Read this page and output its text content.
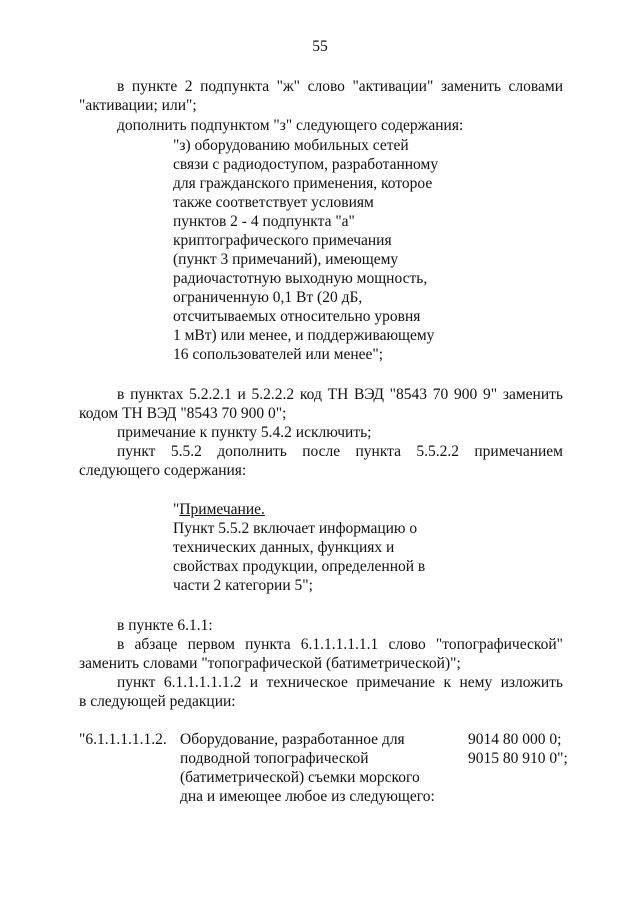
55
в пункте 2 подпункта "ж" слово "активации" заменить словами
"активации; или";
дополнить подпунктом "з" следующего содержания:
"з) оборудованию мобильных сетей
связи с радиодоступом, разработанному
для гражданского применения, которое
также соответствует условиям
пунктов 2 - 4 подпункта "а"
криптографического примечания
(пункт 3 примечаний), имеющему
радиочастотную выходную мощность,
ограниченную 0,1 Вт (20 дБ,
отсчитываемых относительно уровня
1 мВт) или менее, и поддерживающему
16 сопользователей или менее";
в пунктах 5.2.2.1 и 5.2.2.2 код ТН ВЭД "8543 70 900 9" заменить
кодом ТН ВЭД "8543 70 900 0";
примечание к пункту 5.4.2 исключить;
пункт 5.5.2 дополнить после пункта 5.5.2.2 примечанием
следующего содержания:
"Примечание.
Пункт 5.5.2 включает информацию о
технических данных, функциях и
свойствах продукции, определенной в
части 2 категории 5";
в пункте 6.1.1:
в абзаце первом пункта 6.1.1.1.1.1.1 слово "топографической"
заменить словами "топографической (батиметрической)";
пункт 6.1.1.1.1.1.2 и техническое примечание к нему изложить
в следующей редакции:
"6.1.1.1.1.1.2. Оборудование, разработанное для
подводной топографической
(батиметрической) съемки морского
дна и имеющее любое из следующего:
9014 80 000 0;
9015 80 910 0";
